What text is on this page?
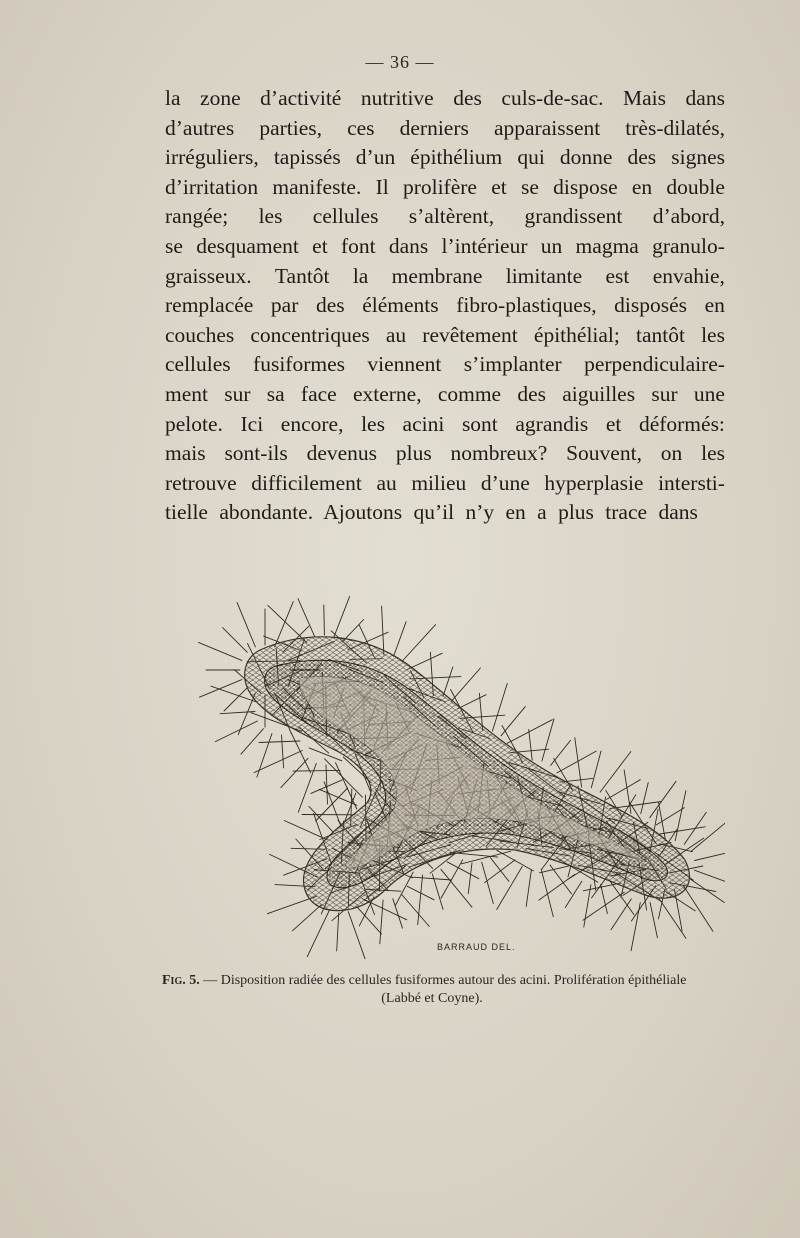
— 36 —
la zone d’activité nutritive des culs-de-sac. Mais dans
d’autres parties, ces derniers apparaissent très-dilatés,
irréguliers, tapissés d’un épithélium qui donne des signes
d’irritation manifeste. Il prolifère et se dispose en double
rangée; les cellules s’altèrent, grandissent d’abord,
se desquament et font dans l’intérieur un magma granulo-
graisseux. Tantôt la membrane limitante est envahie,
remplacée par des éléments fibro-plastiques, disposés en
couches concentriques au revêtement épithélial; tantôt les
cellules fusiformes viennent s’implanter perpendiculaire-
ment sur sa face externe, comme des aiguilles sur une
pelote. Ici encore, les acini sont agrandis et déformés:
mais sont-ils devenus plus nombreux? Souvent, on les
retrouve difficilement au milieu d’une hyperplasie intersti-
tielle abondante. Ajoutons qu’il n’y en a plus trace dans
BARRAUD DEL.
Fig. 5. — Disposition radiée des cellules fusiformes autour des acini. Prolifération épithéliale
(Labbé et Coyne).
